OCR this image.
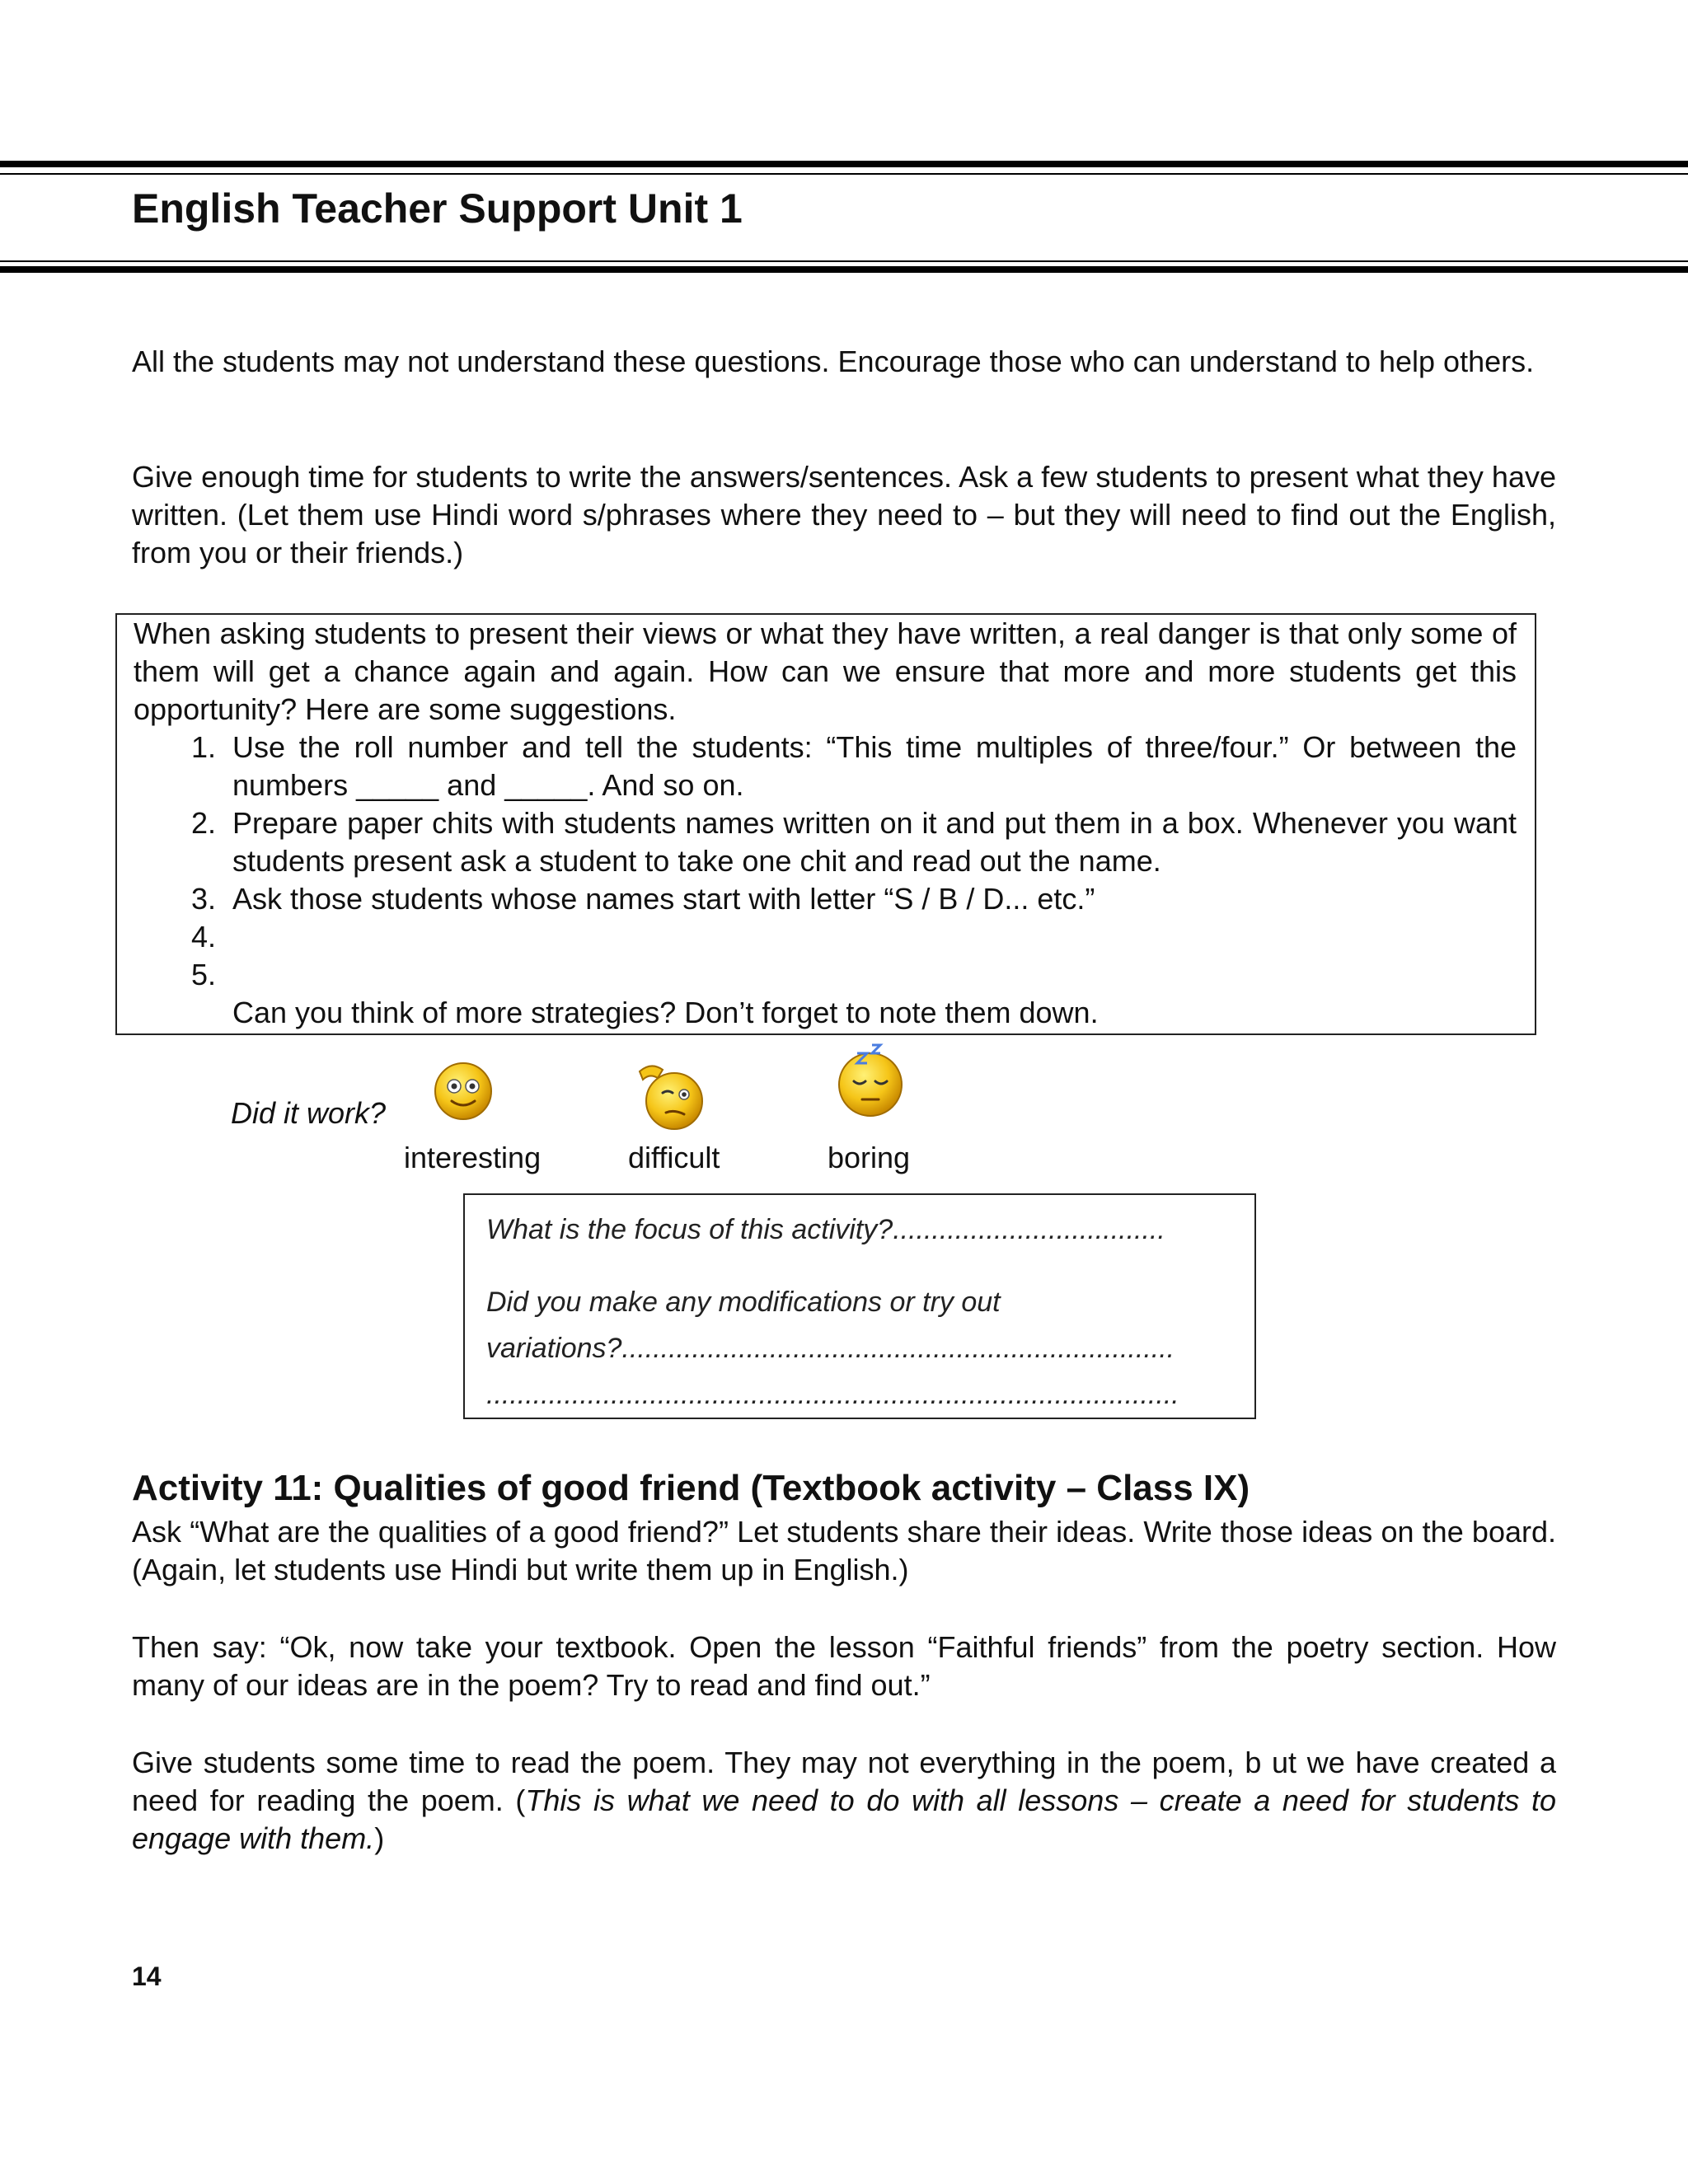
English Teacher Support Unit 1

All the students may not understand these questions. Encourage those who can understand to help others.

Give enough time for students to write the answers/sentences. Ask a few students to present what they have written. (Let them use Hindi word s/phrases where they need to – but they will need to find out the English, from you or their friends.)

When asking students to present their views or what they have written, a real danger is that only some of them will get a chance again and again. How can we ensure that more and more students get this opportunity? Here are some suggestions.

1. Use the roll number and tell the students: “This time multiples of three/four.” Or between the numbers _____ and _____. And so on.
2. Prepare paper chits with students names written on it and put them in a box. Whenever you want students present ask a student to take one chit and read out the name.
3. Ask those students whose names start with letter “S / B / D... etc.”
4.
5.

Can you think of more strategies? Don’t forget to note them down.

Did it work?

interesting	difficult	boring

What is the focus of this activity?...................................

Did you make any modifications or try out

variations?.......................................................................

.........................................................................................

Activity 11: Qualities of good friend (Textbook activity – Class IX)

Ask “What are the qualities of a good friend?” Let students share their ideas. Write those ideas on the board. (Again, let students use Hindi but write them up in English.)

Then say: “Ok, now take your textbook. Open the lesson “Faithful friends” from the poetry section. How many of our ideas are in the poem? Try to read and find out.”

Give students some time to read the poem. They may not everything in the poem, b ut we have created a need for reading the poem. (This is what we need to do with all lessons – create a need for students to engage with them.)

14
